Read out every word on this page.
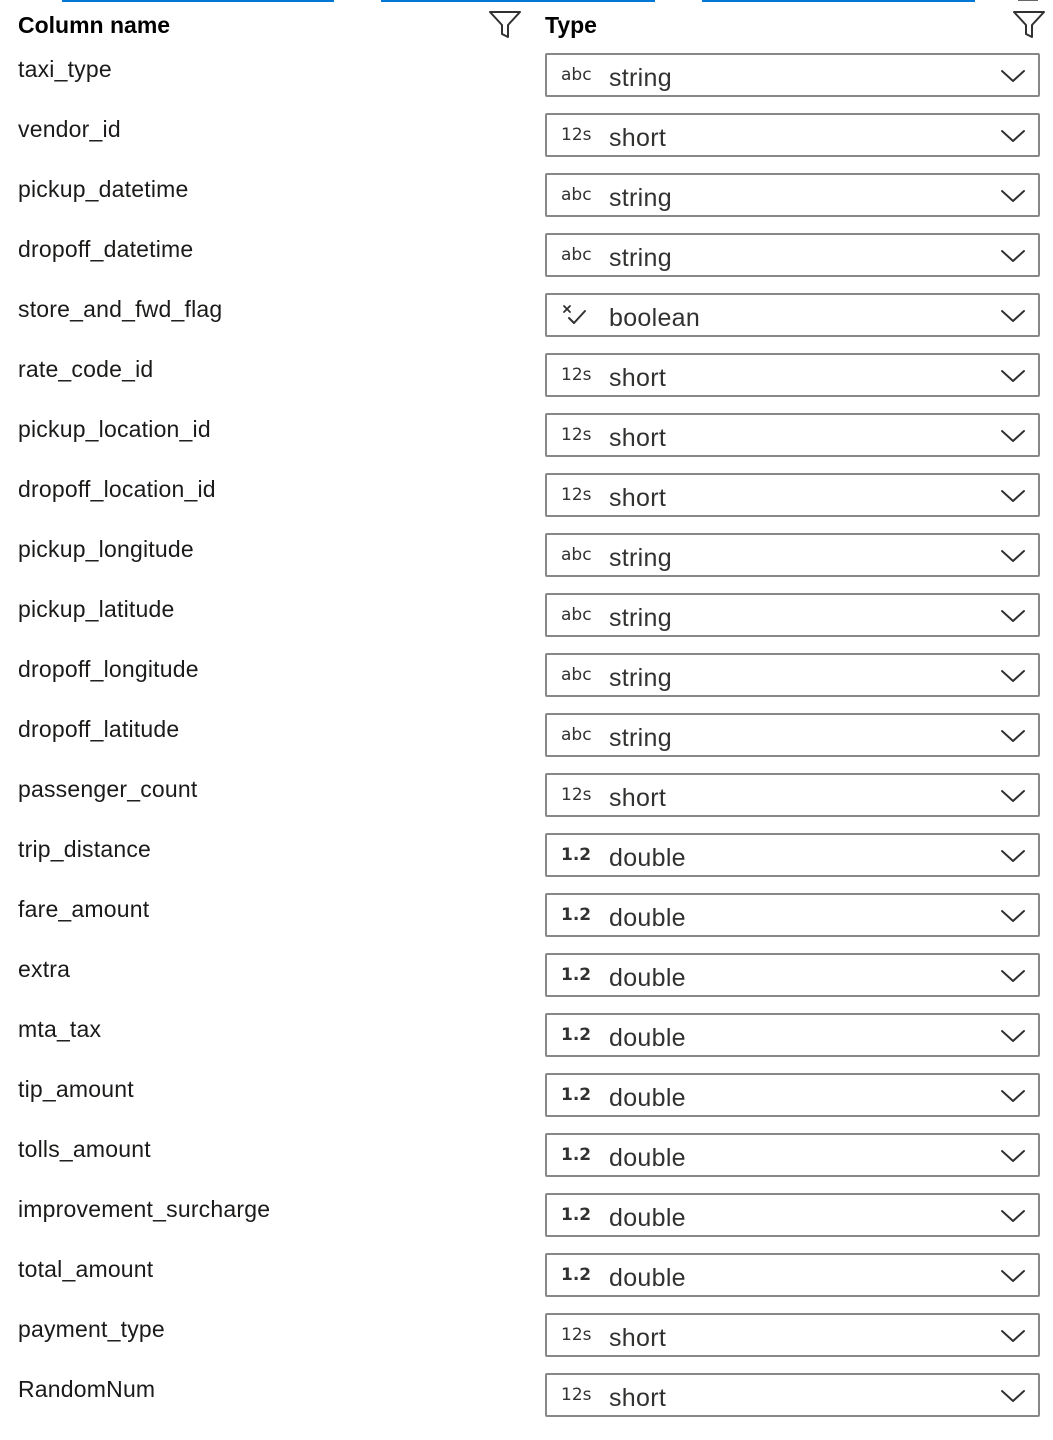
Column name	Type
taxi_type	abc string
vendor_id	12s short
pickup_datetime	abc string
dropoff_datetime	abc string
store_and_fwd_flag	boolean
rate_code_id	12s short
pickup_location_id	12s short
dropoff_location_id	12s short
pickup_longitude	abc string
pickup_latitude	abc string
dropoff_longitude	abc string
dropoff_latitude	abc string
passenger_count	12s short
trip_distance	1.2 double
fare_amount	1.2 double
extra	1.2 double
mta_tax	1.2 double
tip_amount	1.2 double
tolls_amount	1.2 double
improvement_surcharge	1.2 double
total_amount	1.2 double
payment_type	12s short
RandomNum	12s short
